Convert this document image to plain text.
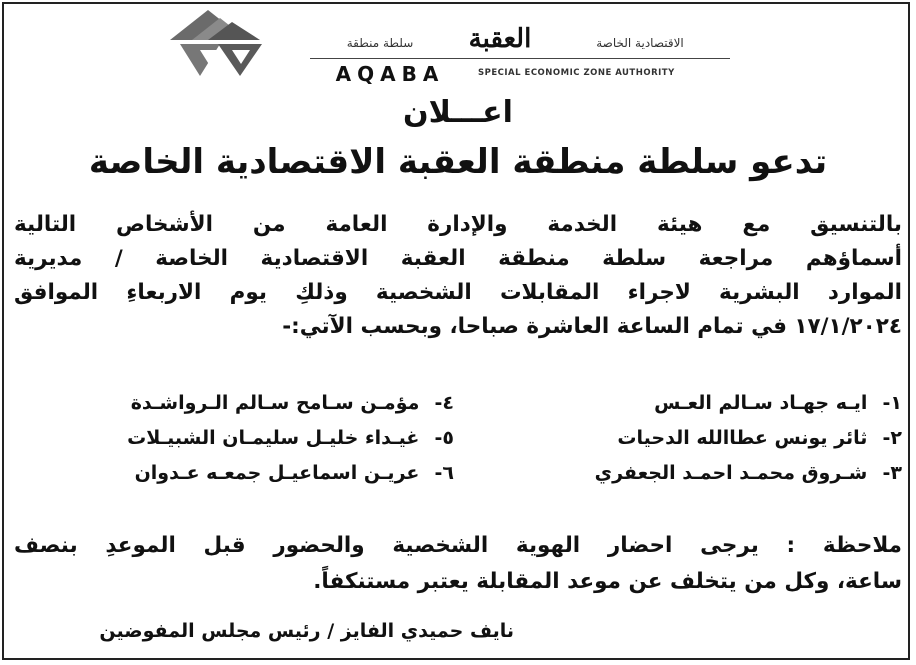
سلطة منطقة	العقبة	الاقتصادية الخاصة
AQABA	SPECIAL ECONOMIC ZONE AUTHORITY
اعـــلان
تدعو سلطة منطقة العقبة الاقتصادية الخاصة
بالتنسيق مع هيئة الخدمة والإدارة العامة من الأشخاص التالية
أسماؤهم مراجعة سلطة منطقة العقبة الاقتصادية الخاصة / مديرية
الموارد البشرية لاجراء المقابلات الشخصية وذلكِ يوم الاربعاءِ الموافق
١٧/١/٢٠٢٤ في تمام الساعة العاشرة صباحا، وبحسب الآتي:-
١- ايـه جهـاد سـالم العـس
٢- ثائر يونس عطاالله الدحيات
٣- شـروق محمـد احمـد الجعفري
٤- مؤمـن سـامح سـالم الـرواشـدة
٥- غيـداء خليـل سليمـان الشبيـلات
٦- عريـن اسماعيـل جمعـه عـدوان
ملاحظة : يرجى احضار الهوية الشخصية والحضور قبل الموعدِ بنصف
ساعة، وكل من يتخلف عن موعد المقابلة يعتبر مستنكفاً.
نايف حميدي الفايز / رئيس مجلس المفوضين
